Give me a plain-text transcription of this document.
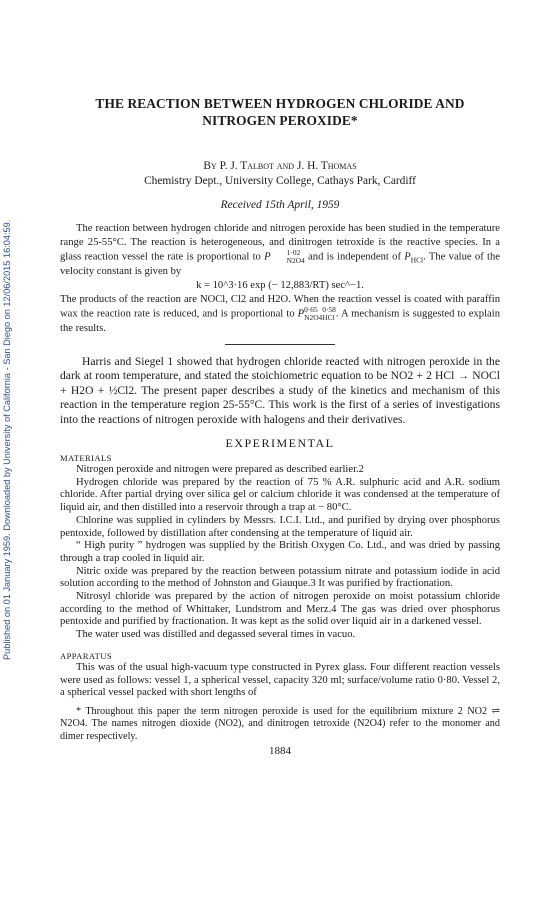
Published on 01 January 1959. Downloaded by University of California - San Diego on 12/06/2015 16:04:59.
THE REACTION BETWEEN HYDROGEN CHLORIDE AND
NITROGEN PEROXIDE*
By P. J. Talbot and J. H. Thomas
Chemistry Dept., University College, Cathays Park, Cardiff
Received 15th April, 1959

The reaction between hydrogen chloride and nitrogen peroxide has been studied in the temperature range 25-55°C. The reaction is heterogeneous, and dinitrogen tetroxide is the reactive species. In a glass reaction vessel the rate is proportional to P	1·02
N2O4 and is independent of $P_{HCl}$. The value of the velocity constant is given by

k = 10^3·16 exp (− 12,883/RT) sec^−1.

The products of the reaction are NOCl, Cl2 and H2O. When the reaction vessel is coated with paraffin wax the reaction rate is reduced, and is proportional to P 0·65
N2O4
0·58
HCl . A mechanism is suggested to explain the results.

Harris and Siegel 1 showed that hydrogen chloride reacted with nitrogen peroxide in the dark at room temperature, and stated the stoichiometric equation to be NO2 + 2 HCl → NOCl + H2O + ½Cl2. The present paper describes a study of the kinetics and mechanism of this reaction in the temperature region 25-55°C. This work is the first of a series of investigations into the reactions of nitrogen peroxide with halogens and their derivatives.

EXPERIMENTAL
MATERIALS

Nitrogen peroxide and nitrogen were prepared as described earlier.2

Hydrogen chloride was prepared by the reaction of 75 % A.R. sulphuric acid and A.R. sodium chloride. After partial drying over silica gel or calcium chloride it was condensed at the temperature of liquid air, and then distilled into a reservoir through a trap at − 80°C.

Chlorine was supplied in cylinders by Messrs. I.C.I. Ltd., and purified by drying over phosphorus pentoxide, followed by distillation after condensing at the temperature of liquid air.

“ High purity ” hydrogen was supplied by the British Oxygen Co. Ltd., and was dried by passing through a trap cooled in liquid air.

Nitric oxide was prepared by the reaction between potassium nitrate and potassium iodide in acid solution according to the method of Johnston and Giauque.3 It was purified by fractionation.

Nitrosyl chloride was prepared by the action of nitrogen peroxide on moist potassium chloride according to the method of Whittaker, Lundstrom and Merz.4 The gas was dried over phosphorus pentoxide and purified by fractionation. It was kept as the solid over liquid air in a darkened vessel.

The water used was distilled and degassed several times in vacuo.

APPARATUS

This was of the usual high-vacuum type constructed in Pyrex glass. Four different reaction vessels were used as follows: vessel 1, a spherical vessel, capacity 320 ml; surface/volume ratio 0·80. Vessel 2, a spherical vessel packed with short lengths of

* Throughout this paper the term nitrogen peroxide is used for the equilibrium mixture 2 NO2 ⇌ N2O4. The names nitrogen dioxide (NO2), and dinitrogen tetroxide (N2O4) refer to the monomer and dimer respectively.

1884
